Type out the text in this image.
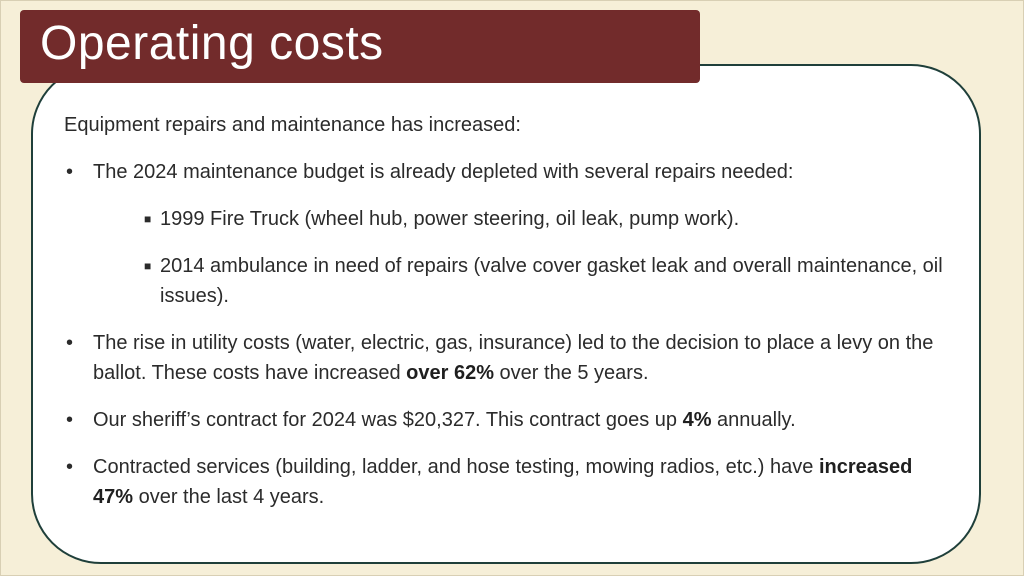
Operating costs

Equipment repairs and maintenance has increased:

• The 2024 maintenance budget is already depleted with several repairs needed:
■ 1999 Fire Truck (wheel hub, power steering, oil leak, pump work).
■ 2014 ambulance in need of repairs (valve cover gasket leak and overall maintenance, oil issues).
• The rise in utility costs (water, electric, gas, insurance) led to the decision to place a levy on the ballot. These costs have increased over 62% over the 5 years.
• Our sheriff’s contract for 2024 was $20,327. This contract goes up 4% annually.
• Contracted services (building, ladder, and hose testing, mowing radios, etc.) have increased 47% over the last 4 years.
